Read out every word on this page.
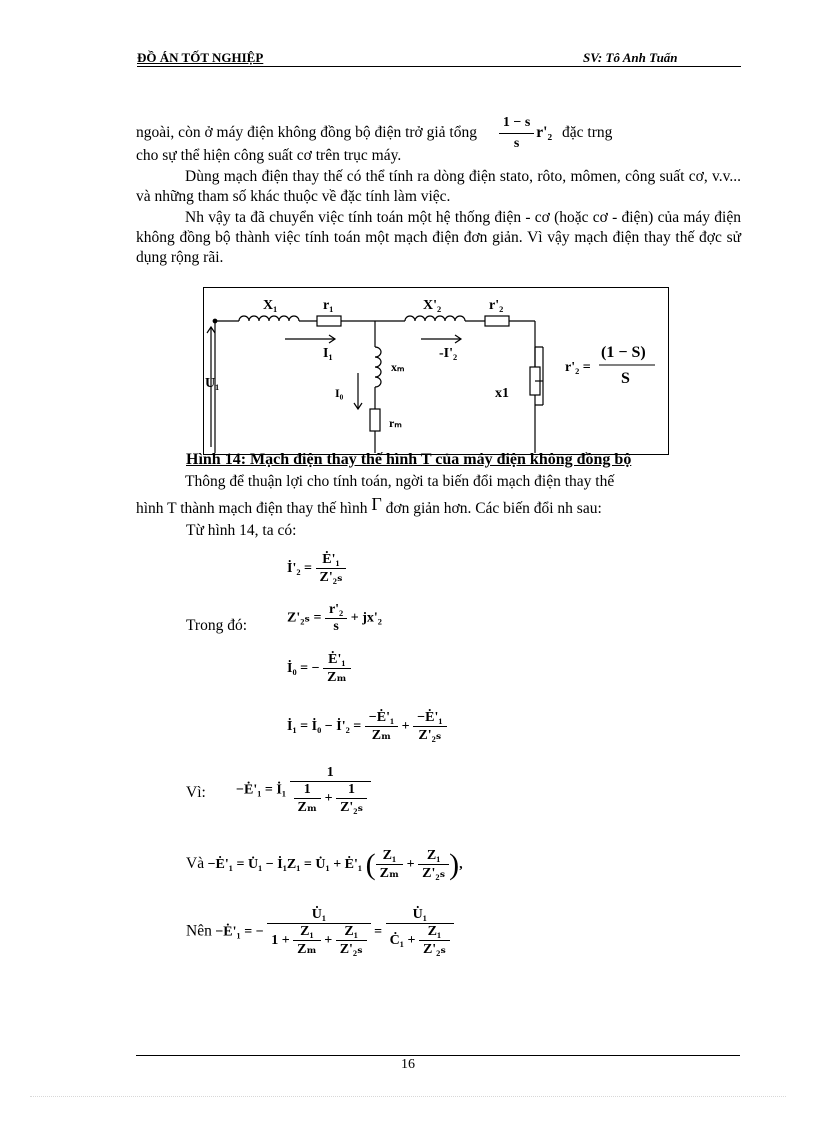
ĐỒ ÁN TỐT NGHIỆP	SV: Tô Anh Tuấn
ngoài, còn ở máy điện không đồng bộ điện trở giả tổng $\frac{1 - s}{s} r'_2$ đặc trng
cho sự thể hiện công suất cơ trên trục máy.
Dùng mạch điện thay thế có thể tính ra dòng điện stato, rôto, mômen, công suất cơ, v.v... và những tham số khác thuộc về đặc tính làm việc.
Nh vậy ta đã chuyển việc tính toán một hệ thống điện - cơ (hoặc cơ - điện) của máy điện không đồng bộ thành việc tính toán một mạch điện đơn giản. Vì vậy mạch điện thay thế đợc sử dụng rộng rãi.
X₁	r₁	X'₂	r'₂
I₁
xₘ
-I'₂
U₁
I₀
rₘ
x1
r'₂ =
(1 − S)
S
Hình 14: Mạch điện thay thế hình T của máy điện không đồng bộ
Thông để thuận lợi cho tính toán, ngời ta biến đổi mạch điện thay thế
hình T thành mạch điện thay thế hình Γ đơn giản hơn. Các biến đổi nh sau:
Từ hình 14, ta có:
İ'₂ = $\frac{\text{Ė'₁}}{\text{Z'₂ₛ}}$
Trong đó:	$Z'_{2s} = \frac{\text{r'₂}}{s} + jx'_2$
İ₀ = − $\frac{\text{Ė'₁}}{\text{Zₘ}}$
İ₁ = İ₀ − İ'₂ = $\frac{\text{−Ė'₁}}{\text{Zₘ}} + \frac{\text{−Ė'₁}}{\text{Z'₂ₛ}}$
Vì: −Ė'₁ = İ₁ $\frac{1}{\frac{1}{\text{Zₘ}} + \frac{1}{\text{Z'₂ₛ}}}$
Và −Ė'₁ = U̇₁ − İ₁Z₁ = U̇₁ + Ė'₁ ( $\frac{\text{Z₁}}{\text{Zₘ}} + \frac{\text{Z₁}}{\text{Z'₂ₛ}}$ ),
Nên −Ė'₁ = − $\frac{\text{U̇₁}}{1 + \frac{\text{Z₁}}{\text{Zₘ}} + \frac{\text{Z₁}}{\text{Z'₂ₛ}}} = \frac{\text{U̇₁}}{Ċ_1 + \frac{\text{Z₁}}{\text{Z'₂ₛ}}}$
16
